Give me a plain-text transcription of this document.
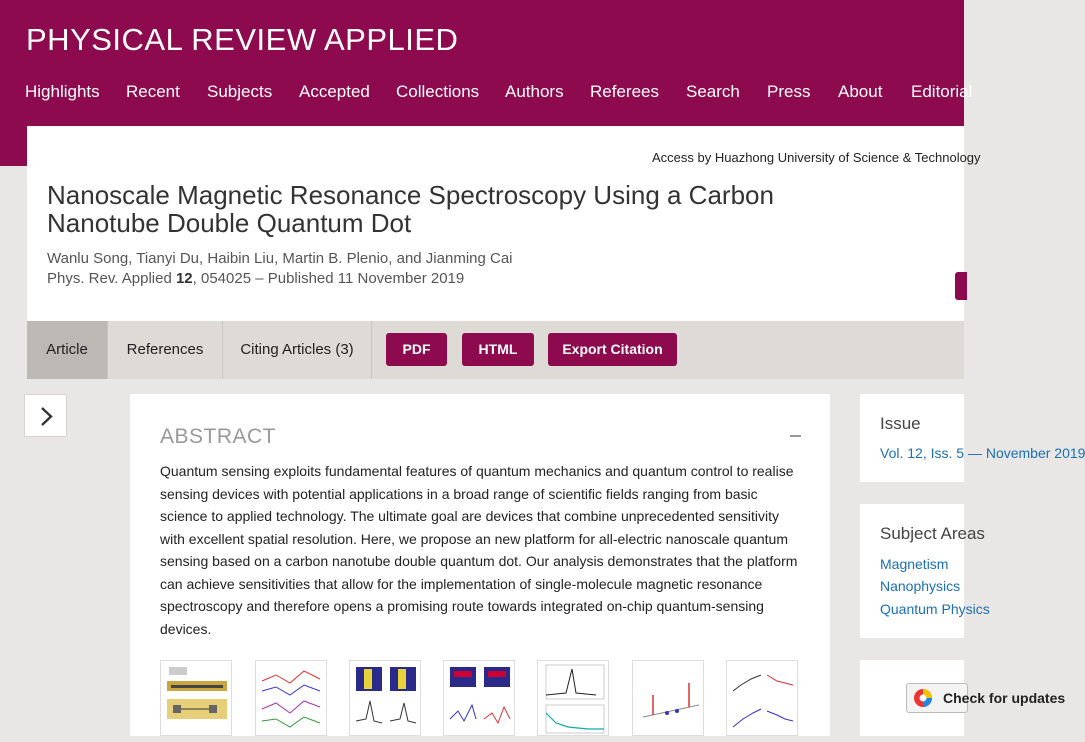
PHYSICAL REVIEW APPLIED
Highlights Recent Subjects Accepted Collections Authors Referees Search Press About Editorial
Access by Huazhong University of Science & Technology
Nanoscale Magnetic Resonance Spectroscopy Using a Carbon Nanotube Double Quantum Dot
Wanlu Song, Tianyi Du, Haibin Liu, Martin B. Plenio, and Jianming Cai
Phys. Rev. Applied 12, 054025 – Published 11 November 2019
Article	References	Citing Articles (3)	PDF	HTML	Export Citation
ABSTRACT

Quantum sensing exploits fundamental features of quantum mechanics and quantum control to realise sensing devices with potential applications in a broad range of scientific fields ranging from basic science to applied technology. The ultimate goal are devices that combine unprecedented sensitivity with excellent spatial resolution. Here, we propose an new platform for all-electric nanoscale quantum sensing based on a carbon nanotube double quantum dot. Our analysis demonstrates that the platform can achieve sensitivities that allow for the implementation of single-molecule magnetic resonance spectroscopy and therefore opens a promising route towards integrated on-chip quantum-sensing devices.

Issue
Vol. 12, Iss. 5 — November 2019
Subject Areas
Magnetism
Nanophysics
Quantum Physics
Check for updates
